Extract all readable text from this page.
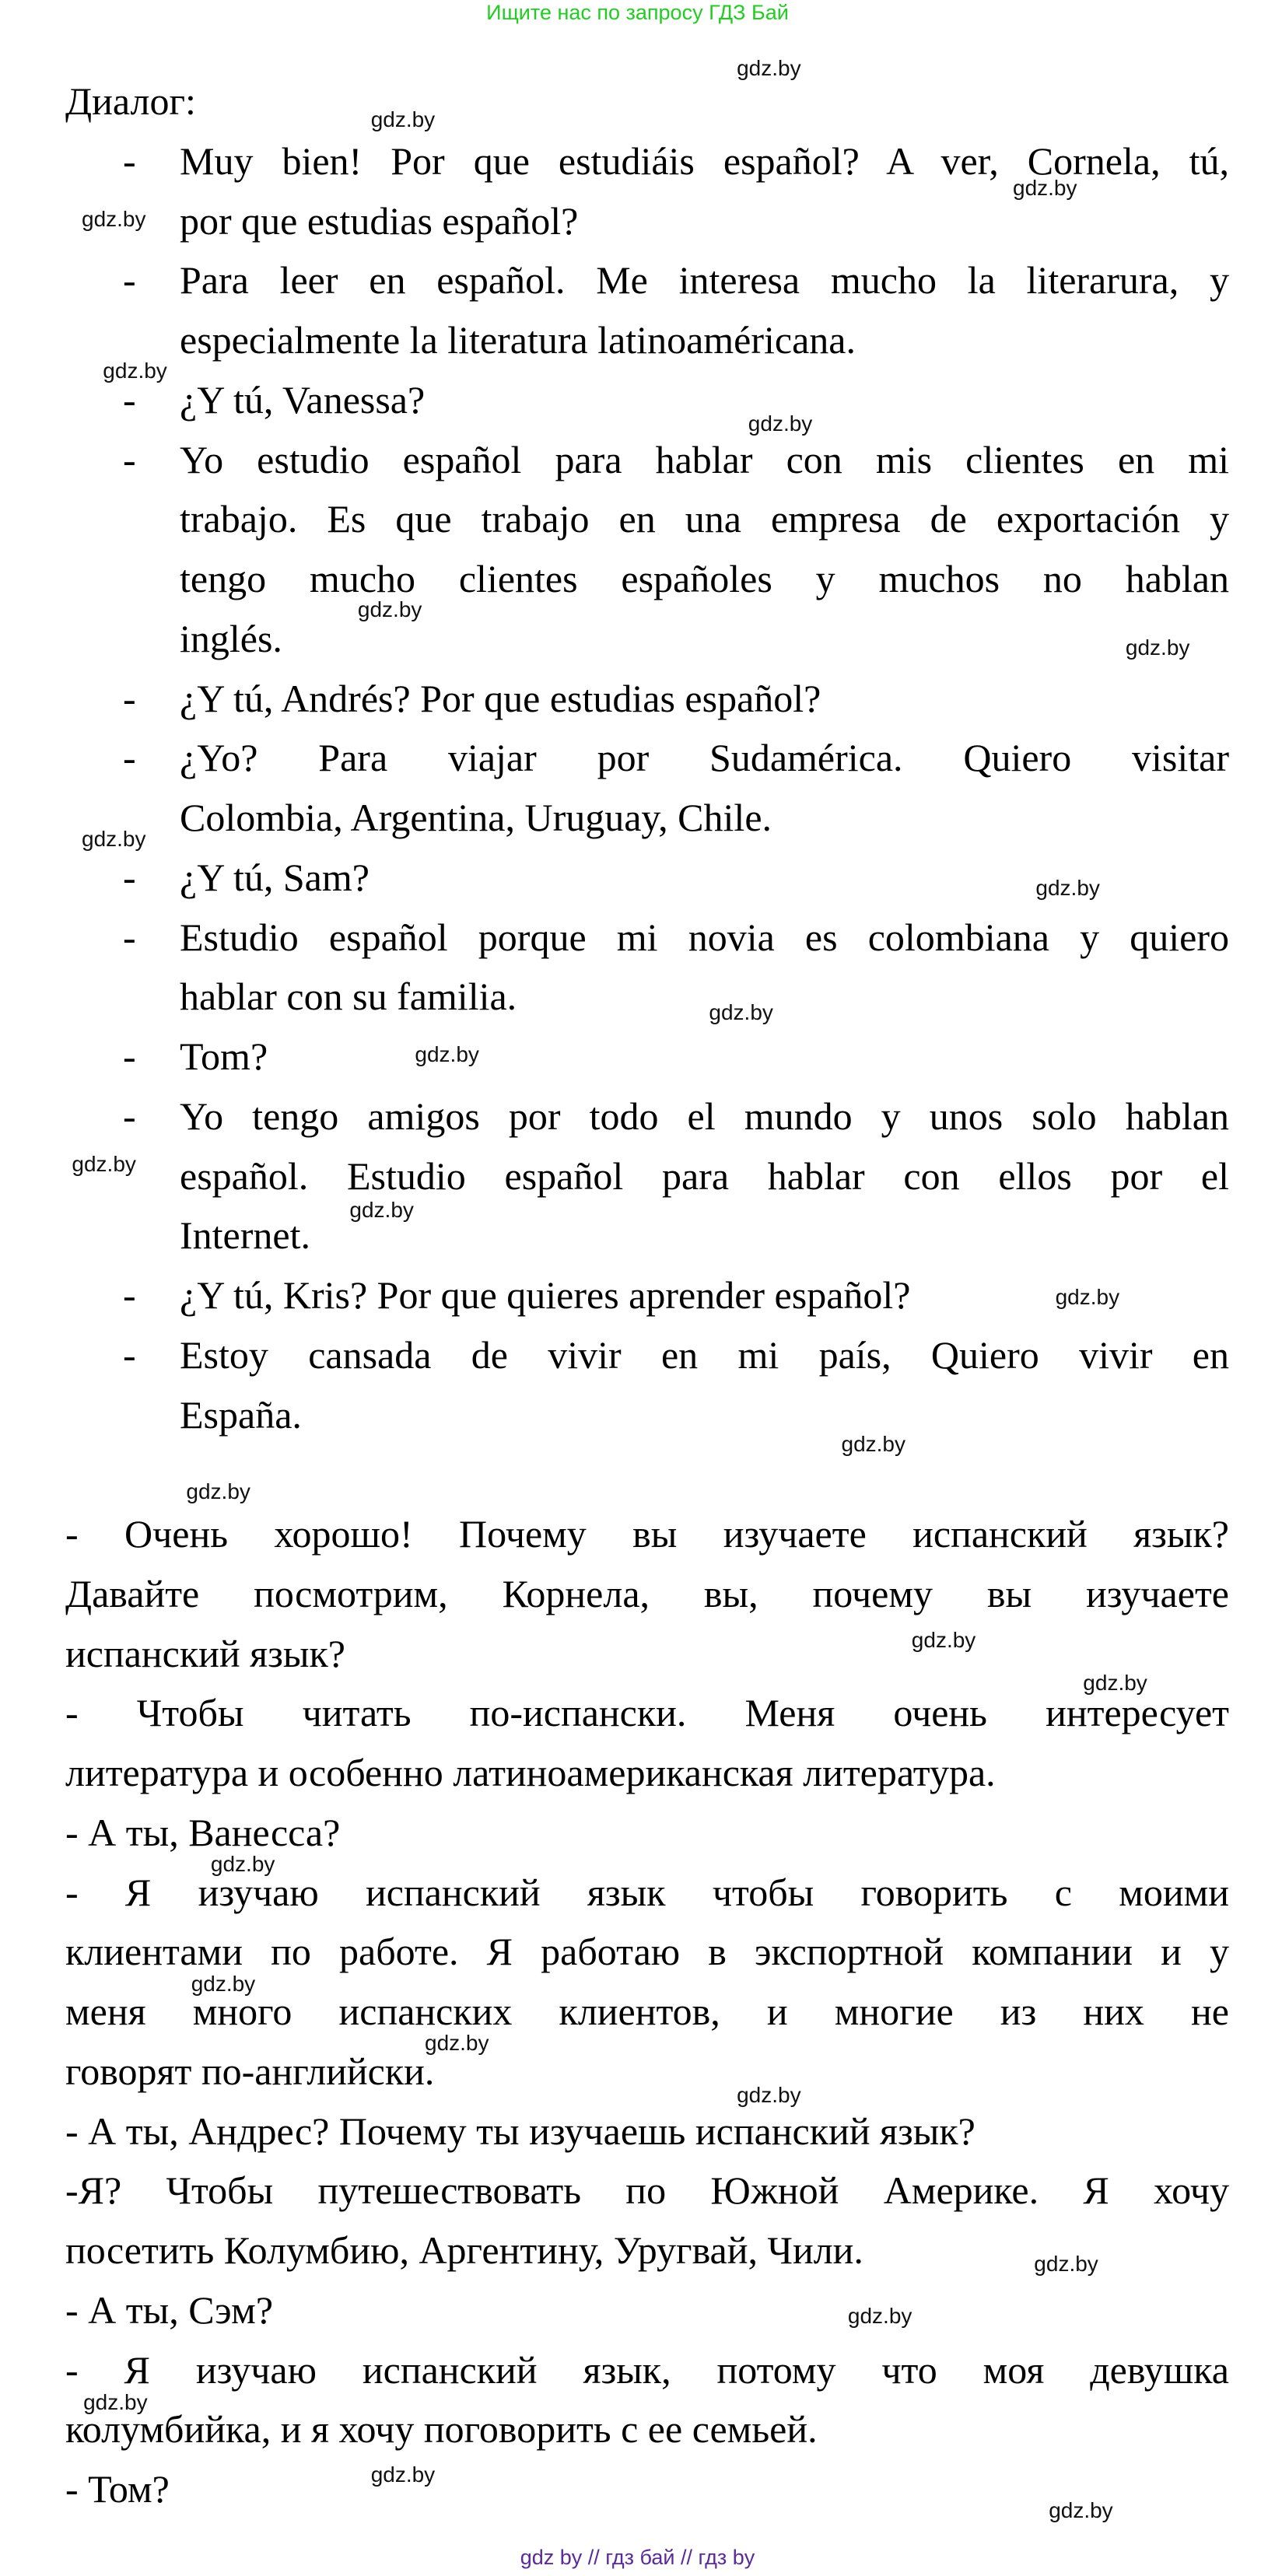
Ищите нас по запросу ГДЗ Бай
Диалог:
- Muy bien! Por que estudiáis español? A ver, Cornela, tú,
por que estudias español?
- Para leer en español. Me interesa mucho la literarura, y
especialmente la literatura latinoaméricana.
- ¿Y tú, Vanessa?
- Yo estudio español para hablar con mis clientes en mi
trabajo. Es que trabajo en una empresa de exportación y
tengo mucho clientes españoles y muchos no hablan
inglés.
- ¿Y tú, Andrés? Por que estudias español?
- ¿Yo? Para viajar por Sudamérica. Quiero visitar
Colombia, Argentina, Uruguay, Chile.
- ¿Y tú, Sam?
- Estudio español porque mi novia es colombiana y quiero
hablar con su familia.
- Tom?
- Yo tengo amigos por todo el mundo y unos solo hablan
español. Estudio español para hablar con ellos por el
Internet.
- ¿Y tú, Kris? Por que quieres aprender español?
- Estoy cansada de vivir en mi país, Quiero vivir en
España.
- Очень хорошо! Почему вы изучаете испанский язык?
Давайте посмотрим, Корнела, вы, почему вы изучаете
испанский язык?
- Чтобы читать по-испански. Меня очень интересует
литература и особенно латиноамериканская литература.
- А ты, Ванесса?
- Я изучаю испанский язык чтобы говорить с моими
клиентами по работе. Я работаю в экспортной компании и у
меня много испанских клиентов, и многие из них не
говорят по-английски.
- А ты, Андрес? Почему ты изучаешь испанский язык?
-Я? Чтобы путешествовать по Южной Америке. Я хочу
посетить Колумбию, Аргентину, Уругвай, Чили.
- А ты, Сэм?
- Я изучаю испанский язык, потому что моя девушка
колумбийка, и я хочу поговорить с ее семьей.
- Том?
gdz.by
gdz.by
gdz.by
gdz.by
gdz.by
gdz.by
gdz.by
gdz.by
gdz.by
gdz.by
gdz.by
gdz.by
gdz.by
gdz.by
gdz.by
gdz.by
gdz.by
gdz.by
gdz.by
gdz.by
gdz.by
gdz.by
gdz.by
gdz.by
gdz.by
gdz.by
gdz.by
gdz.by
gdz by // гдз бай // гдз by
